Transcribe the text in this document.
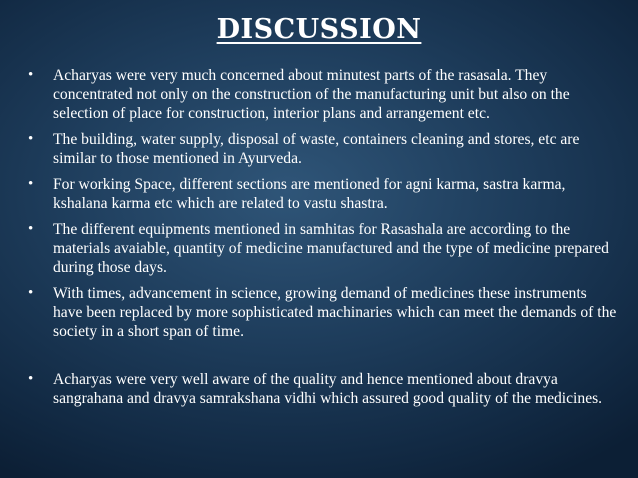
DISCUSSION
• Acharyas were very much concerned about minutest parts of the rasasala. They concentrated not only on the construction of the manufacturing unit but also on the selection of place for construction, interior plans and arrangement etc.
• The building, water supply, disposal of waste, containers cleaning and stores, etc are similar to those mentioned in Ayurveda.
• For working Space, different sections are mentioned for agni karma, sastra karma, kshalana karma etc which are related to vastu shastra.
• The different equipments mentioned in samhitas for Rasashala are according to the materials avaiable, quantity of medicine manufactured and the type of medicine prepared during those days.
• With times, advancement in science, growing demand of medicines these instruments have been replaced by more sophisticated machinaries which can meet the demands of the society in a short span of time.
• Acharyas were very well aware of the quality and hence mentioned about dravya sangrahana and dravya samrakshana vidhi which assured good quality of the medicines.
